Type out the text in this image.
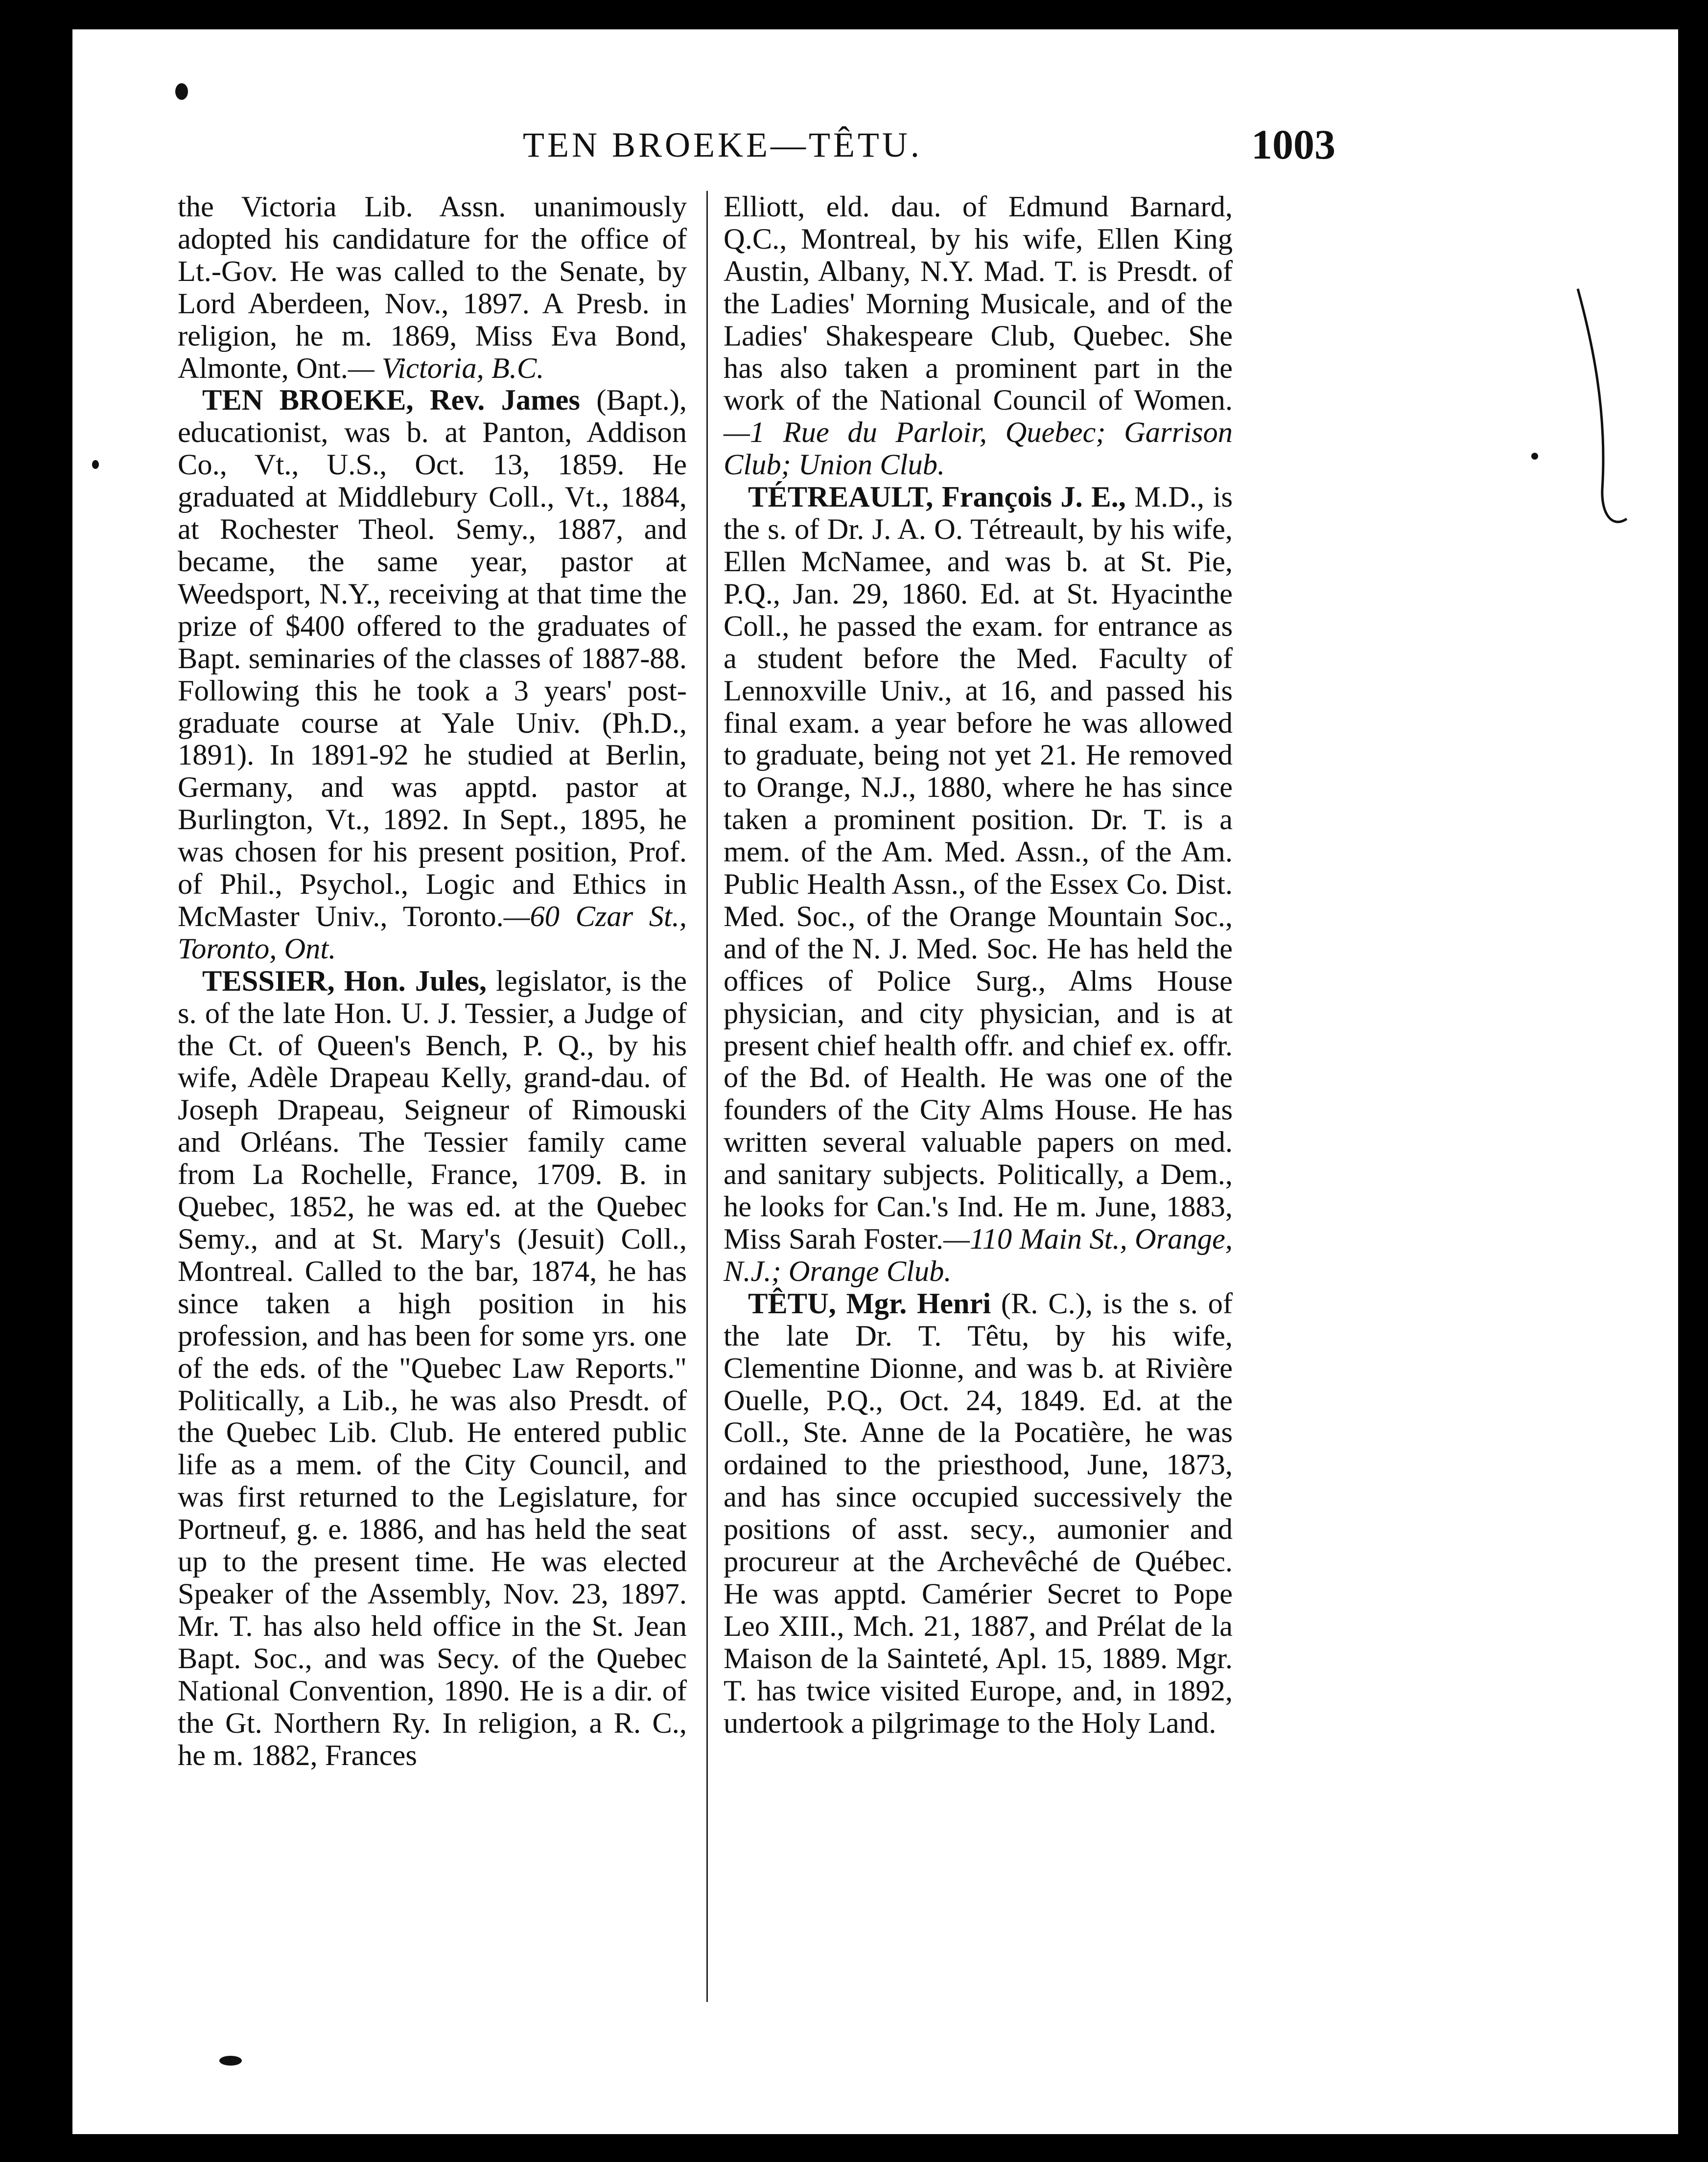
TEN BROEKE—TÊTU.	1003

the Victoria Lib. Assn. unanimously adopted his candidature for the office of Lt.-Gov. He was called to the Senate, by Lord Aberdeen, Nov., 1897. A Presb. in religion, he m. 1869, Miss Eva Bond, Almonte, Ont.— Victoria, B.C.

TEN BROEKE, Rev. James (Bapt.), educationist, was b. at Panton, Addison Co., Vt., U.S., Oct. 13, 1859. He graduated at Middlebury Coll., Vt., 1884, at Rochester Theol. Semy., 1887, and became, the same year, pastor at Weedsport, N.Y., receiving at that time the prize of $400 offered to the graduates of Bapt. seminaries of the classes of 1887-88. Following this he took a 3 years' post-graduate course at Yale Univ. (Ph.D., 1891). In 1891-92 he studied at Berlin, Germany, and was apptd. pastor at Burlington, Vt., 1892. In Sept., 1895, he was chosen for his present position, Prof. of Phil., Psychol., Logic and Ethics in McMaster Univ., Toronto.—60 Czar St., Toronto, Ont.

TESSIER, Hon. Jules, legislator, is the s. of the late Hon. U. J. Tessier, a Judge of the Ct. of Queen's Bench, P. Q., by his wife, Adèle Drapeau Kelly, grand-dau. of Joseph Drapeau, Seigneur of Rimouski and Orléans. The Tessier family came from La Rochelle, France, 1709. B. in Quebec, 1852, he was ed. at the Quebec Semy., and at St. Mary's (Jesuit) Coll., Montreal. Called to the bar, 1874, he has since taken a high position in his profession, and has been for some yrs. one of the eds. of the "Quebec Law Reports." Politically, a Lib., he was also Presdt. of the Quebec Lib. Club. He entered public life as a mem. of the City Council, and was first returned to the Legislature, for Portneuf, g. e. 1886, and has held the seat up to the present time. He was elected Speaker of the Assembly, Nov. 23, 1897. Mr. T. has also held office in the St. Jean Bapt. Soc., and was Secy. of the Quebec National Convention, 1890. He is a dir. of the Gt. Northern Ry. In religion, a R. C., he m. 1882, Frances

Elliott, eld. dau. of Edmund Barnard, Q.C., Montreal, by his wife, Ellen King Austin, Albany, N.Y. Mad. T. is Presdt. of the Ladies' Morning Musicale, and of the Ladies' Shakespeare Club, Quebec. She has also taken a prominent part in the work of the National Council of Women.—1 Rue du Parloir, Quebec; Garrison Club; Union Club.

TÉTREAULT, François J. E., M.D., is the s. of Dr. J. A. O. Tétreault, by his wife, Ellen McNamee, and was b. at St. Pie, P.Q., Jan. 29, 1860. Ed. at St. Hyacinthe Coll., he passed the exam. for entrance as a student before the Med. Faculty of Lennoxville Univ., at 16, and passed his final exam. a year before he was allowed to graduate, being not yet 21. He removed to Orange, N.J., 1880, where he has since taken a prominent position. Dr. T. is a mem. of the Am. Med. Assn., of the Am. Public Health Assn., of the Essex Co. Dist. Med. Soc., of the Orange Mountain Soc., and of the N. J. Med. Soc. He has held the offices of Police Surg., Alms House physician, and city physician, and is at present chief health offr. and chief ex. offr. of the Bd. of Health. He was one of the founders of the City Alms House. He has written several valuable papers on med. and sanitary subjects. Politically, a Dem., he looks for Can.'s Ind. He m. June, 1883, Miss Sarah Foster.—110 Main St., Orange, N.J.; Orange Club.

TÊTU, Mgr. Henri (R. C.), is the s. of the late Dr. T. Têtu, by his wife, Clementine Dionne, and was b. at Rivière Ouelle, P.Q., Oct. 24, 1849. Ed. at the Coll., Ste. Anne de la Pocatière, he was ordained to the priesthood, June, 1873, and has since occupied successively the positions of asst. secy., aumonier and procureur at the Archevêché de Québec. He was apptd. Camérier Secret to Pope Leo XIII., Mch. 21, 1887, and Prélat de la Maison de la Sainteté, Apl. 15, 1889. Mgr. T. has twice visited Europe, and, in 1892, undertook a pilgrimage to the Holy Land.
